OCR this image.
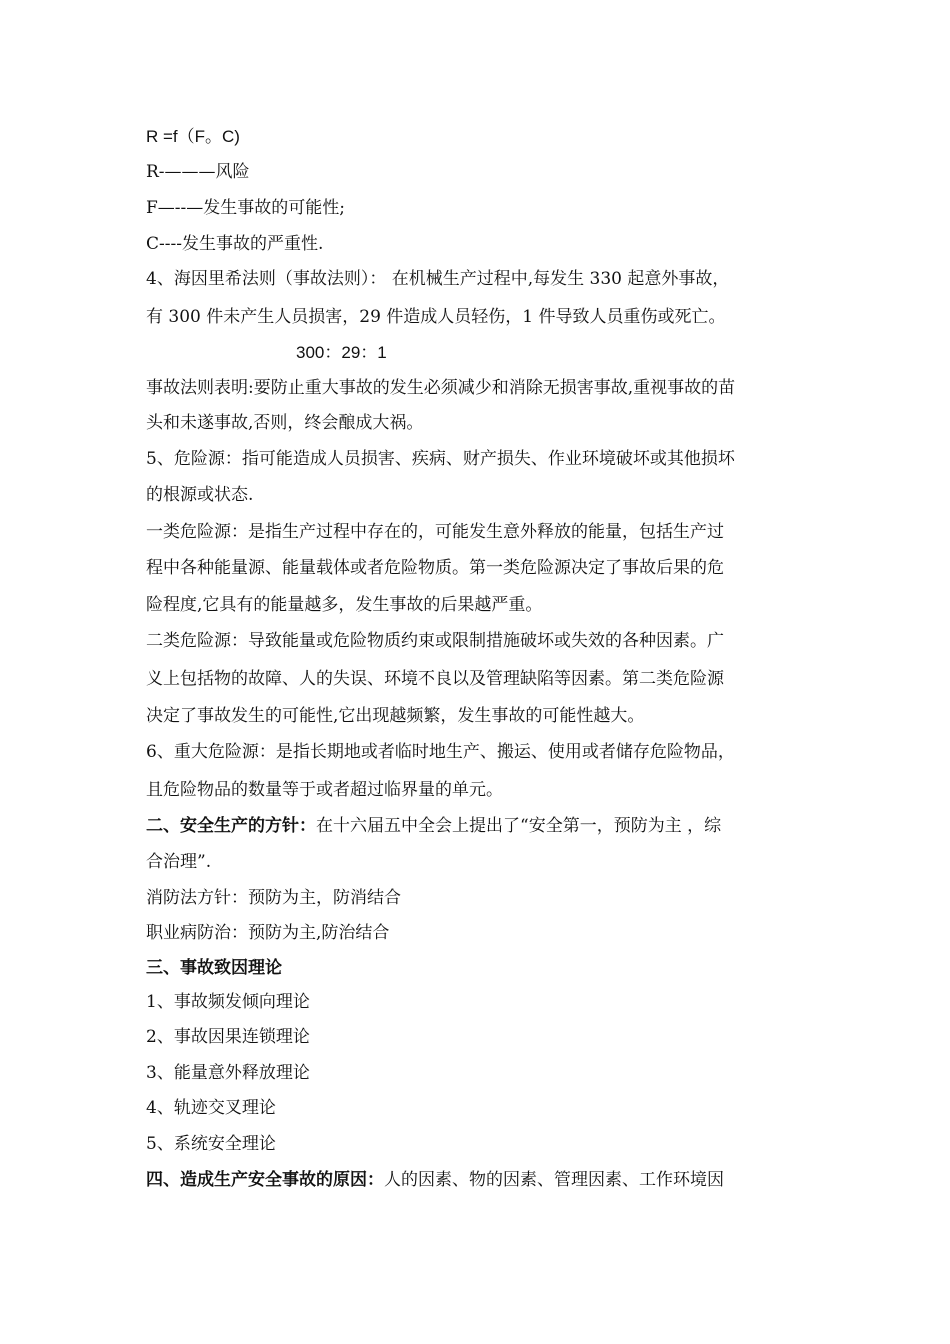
R =f（F。C)
R-———风险
F—--—发生事故的可能性;
C----发生事故的严重性.
4、海因里希法则（事故法则）： 在机械生产过程中,每发生 330 起意外事故，
有 300 件未产生人员损害，29 件造成人员轻伤，1 件导致人员重伤或死亡。
300：29：1
事故法则表明:要防止重大事故的发生必须减少和消除无损害事故,重视事故的苗
头和未遂事故,否则，终会酿成大祸。
5、危险源：指可能造成人员损害、疾病、财产损失、作业环境破坏或其他损坏
的根源或状态.
一类危险源：是指生产过程中存在的，可能发生意外释放的能量，包括生产过
程中各种能量源、能量载体或者危险物质。第一类危险源决定了事故后果的危
险程度,它具有的能量越多，发生事故的后果越严重。
二类危险源：导致能量或危险物质约束或限制措施破坏或失效的各种因素。广
义上包括物的故障、人的失误、环境不良以及管理缺陷等因素。第二类危险源
决定了事故发生的可能性,它出现越频繁，发生事故的可能性越大。
6、重大危险源：是指长期地或者临时地生产、搬运、使用或者储存危险物品，
且危险物品的数量等于或者超过临界量的单元。
二、安全生产的方针：在十六届五中全会上提出了“安全第一，预防为主 ，综
合治理”.
消防法方针：预防为主，防消结合
职业病防治：预防为主,防治结合
三、事故致因理论
1、事故频发倾向理论
2、事故因果连锁理论
3、能量意外释放理论
4、轨迹交叉理论
5、系统安全理论
四、造成生产安全事故的原因：人的因素、物的因素、管理因素、工作环境因
